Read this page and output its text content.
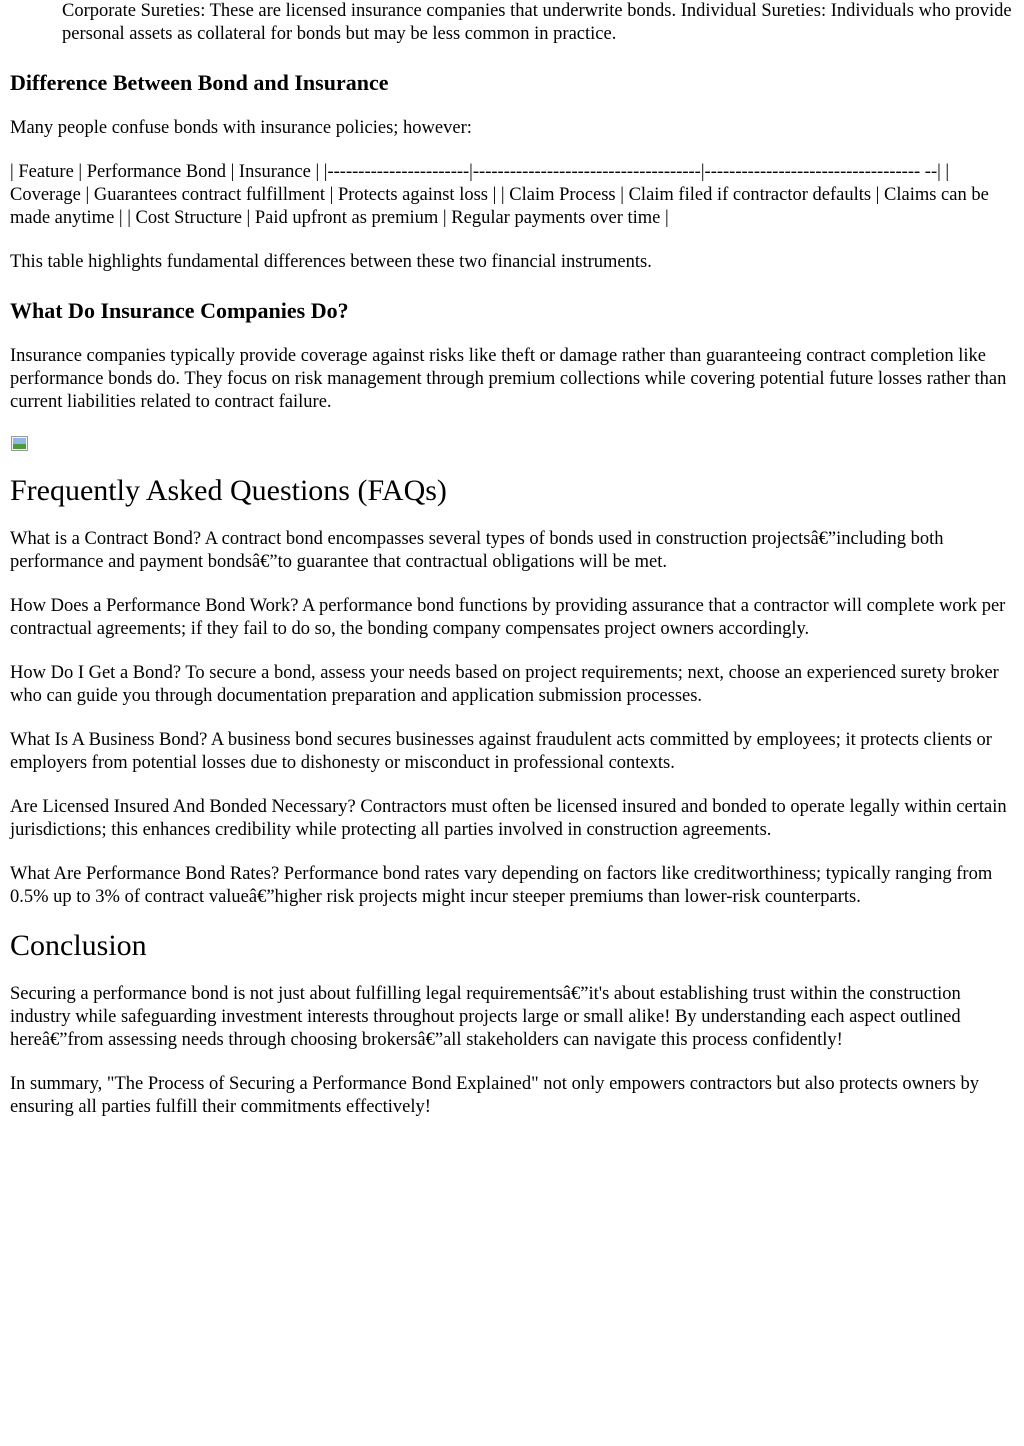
Corporate Sureties: These are licensed insurance companies that underwrite bonds. Individual Sureties: Individuals who provide personal assets as collateral for bonds but may be less common in practice.

Difference Between Bond and Insurance

Many people confuse bonds with insurance policies; however:

| Feature | Performance Bond | Insurance | |-----------------------|-------------------------------------|----------------------------------- --| | Coverage | Guarantees contract fulfillment | Protects against loss | | Claim Process | Claim filed if contractor defaults | Claims can be made anytime | | Cost Structure | Paid upfront as premium | Regular payments over time |

This table highlights fundamental differences between these two financial instruments.

What Do Insurance Companies Do?

Insurance companies typically provide coverage against risks like theft or damage rather than guaranteeing contract completion like performance bonds do. They focus on risk management through premium collections while covering potential future losses rather than current liabilities related to contract failure.

Frequently Asked Questions (FAQs)

What is a Contract Bond? A contract bond encompasses several types of bonds used in construction projectsâ€”including both performance and payment bondsâ€”to guarantee that contractual obligations will be met.

How Does a Performance Bond Work? A performance bond functions by providing assurance that a contractor will complete work per contractual agreements; if they fail to do so, the bonding company compensates project owners accordingly.

How Do I Get a Bond? To secure a bond, assess your needs based on project requirements; next, choose an experienced surety broker who can guide you through documentation preparation and application submission processes.

What Is A Business Bond? A business bond secures businesses against fraudulent acts committed by employees; it protects clients or employers from potential losses due to dishonesty or misconduct in professional contexts.

Are Licensed Insured And Bonded Necessary? Contractors must often be licensed insured and bonded to operate legally within certain jurisdictions; this enhances credibility while protecting all parties involved in construction agreements.

What Are Performance Bond Rates? Performance bond rates vary depending on factors like creditworthiness; typically ranging from 0.5% up to 3% of contract valueâ€”higher risk projects might incur steeper premiums than lower-risk counterparts.

Conclusion

Securing a performance bond is not just about fulfilling legal requirementsâ€”it's about establishing trust within the construction industry while safeguarding investment interests throughout projects large or small alike! By understanding each aspect outlined hereâ€”from assessing needs through choosing brokersâ€”all stakeholders can navigate this process confidently!

In summary, "The Process of Securing a Performance Bond Explained" not only empowers contractors but also protects owners by ensuring all parties fulfill their commitments effectively!
